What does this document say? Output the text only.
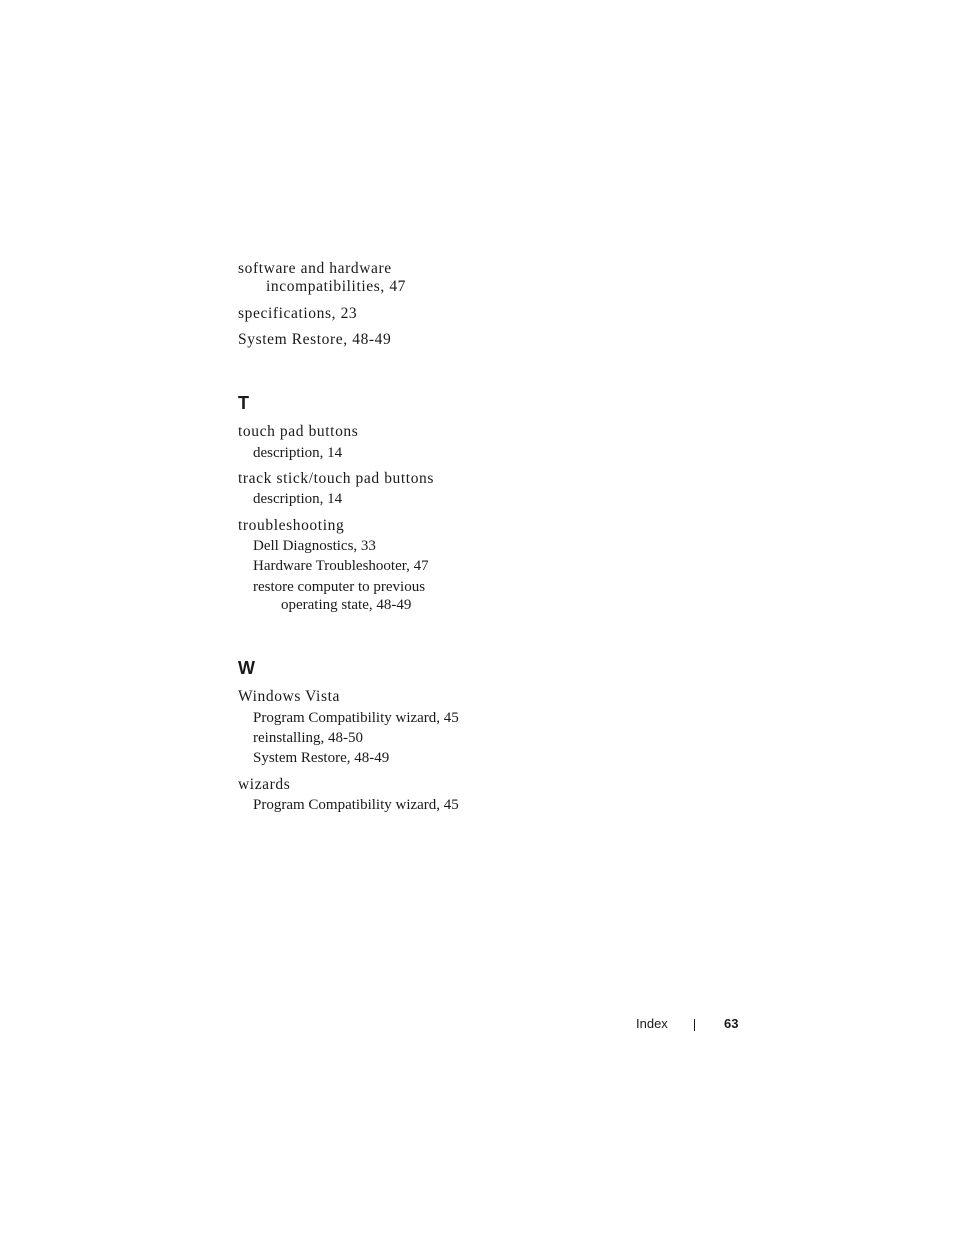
software and hardware
incompatibilities, 47
specifications, 23
System Restore, 48-49
T
touch pad buttons
description, 14
track stick/touch pad buttons
description, 14
troubleshooting
Dell Diagnostics, 33
Hardware Troubleshooter, 47
restore computer to previous
operating state, 48-49
W
Windows Vista
Program Compatibility wizard, 45
reinstalling, 48-50
System Restore, 48-49
wizards
Program Compatibility wizard, 45
Index	63
